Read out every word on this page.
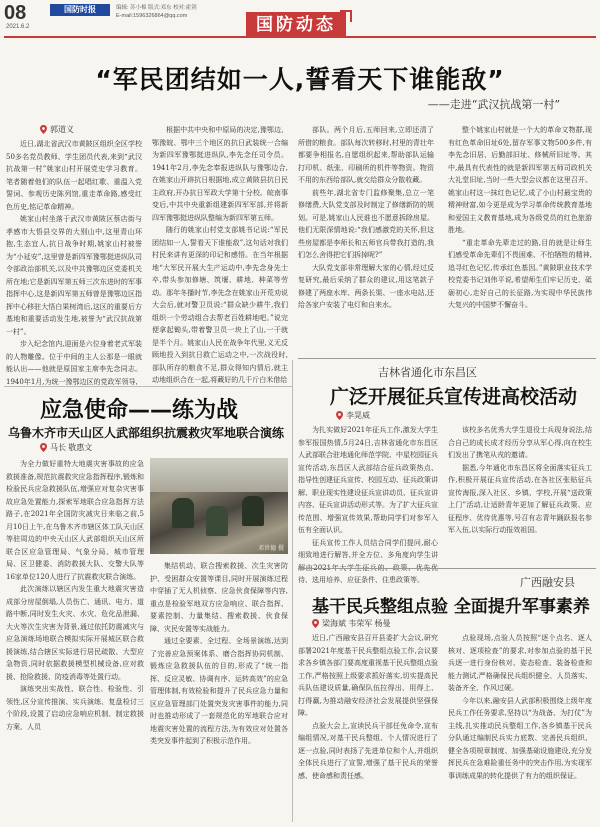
08
2021.6.2
国防时报	编辑: 苏小棉 版式:邓东 校对:霍剑
E-mail:1596326864@qq.com	国防动态
“军民团结如一人,誓看天下谁能敌”
——走进“武汉抗战第一村”
郭道义

近日,湖北省武汉市黄陂区组织全区学校50多名党员教师、学生团员代表,来到“武汉抗战第一村”姚家山村开展党史学习教育。笔者随着他们的队伍一起唱红歌、重温入党誓词、参观历史陈列馆,重走革命路,感受红色历史,铭记革命精神。

姚家山村坐落于武汉市黄陂区蔡店街与孝感市大悟县交界的大别山中,这里青山环抱,生态宜人,抗日战争时期,姚家山村被誉为“小延安”,这里曾是新四军豫鄂挺进纵队司令部政治部机关,以及中共豫鄂边区党委机关所在地;它是新四军第五师三次东进时的军事指挥中心,这是新四军第五师曾是豫鄂边区指挥中心移驻大悟白果树湾后,这区的重要后方基地和重要活动发生地,被誉为“武汉抗战第一村”。

步入纪念馆内,迎面是六位身着老式军装的人物雕像。位于中间的主人公那是一眼就能认出——他就是原国家主席李先念同志。1940年1月,为统一豫鄂边区的党政军领导,

根据中共中央和中原局的决定,豫鄂边、鄂豫皖、鄂中三个地区的抗日武装统一合编为新四军豫鄂挺进纵队,李先念任司令员。1941年2月,李先念奉报进纵队与豫鄂边合,在姚家山开辟抗日根据地,成立黄陂县抗日民主政府,开办抗日军政大学第十分校。皖南事变后,中共中央重新组建新四军军部,并将新四军豫鄂挺进纵队整编为新四军第五师。

随行的姚家山村党支部姚书记说:“军民团结如一人,誓看天下谁能敌”,这句话对我们村民来讲有更深的印记和感悟。在当年根据地“大军民开展大生产运动中,李先念身先士卒,带头参加修塘、筑堰、耕地、种菜等劳动。那年冬播时节,李先念在姚家山开荒劝说大会后,就对警卫员说:“群众缺少耕牛,我们组织一个劳动组合去帮老百姓耕地吧。”说完便拿起锄头,带着警卫员一块上了山,一干就是半个月。姚家山人民在战争年代里,义无反顾地投入到抗日救亡运动之中,一次战役时,部队所存的粮食不足,群众得知内情后,就主动地组织合在一起,将藏好的几千斤白米借给

部队。两个月后,五师回来,立即还清了所借的粮食。部队每次转移时,村里的青壮年都要争相报名,自愿组织起来,帮助部队运输打印机、纸张、印刷所的机件等物资。物资不用的东西给部队,就交给群众分散收藏。

前些年,湖北省专门监修聚集,总立一笔修缮费,大队党支部及时制定了修缮新防的规划。可是,姚家山人民谁也不愿意拆除房屋。他们无限深情地说:“我们感激党的关怀,但这些房屋都是李师长和五师官兵带我打造的,我们怎么舍得把它们拆掉呢?”

大队党支部非常理解大家的心情,经过反复研究,最后采纳了群众的建议,用这笔款子修建了两座水库、两条长渠、一座水电站,还给各家户安装了电灯和自来水。

整个姚家山村就是一个大的革命文物群,现有红色革命旧址6处,留存军事文物500多件,有李先念旧居、后勤部旧址、修械所旧址等。其中,最具有代表性的就是新四军第五师司政机关大礼堂旧址,当时一些大型会议都在这里召开。姚家山村这一抹红色记忆,成了小山村最宝贵的精神财富,如今更是成为学习革命传统教育基地和爱国主义教育基地,成为各级党员的红色旅游胜地。

“重走革命先辈走过的路,目的就是让师生们感受革命先辈们不畏困难、不怕牺牲的精神,追寻红色记忆,传承红色基因。”黄陂职业技术学校党委书记刘伟平说,希望师生们牢记历史、砥砺初心,走好自己的长征路,为实现中华民族伟大复兴的中国梦不懈奋斗。

应急使命——练为战
乌鲁木齐市天山区人武部组织抗震救灾军地联合演练
马长 敬惠文

为全力做好重特大地震灾害事故的应急救援准备,规范抗震救灾应急指挥程序,锻炼和检验民兵应急救援队伍,增强应对复杂灾害事故应急处置能力,探索军地联合应急指挥方法路子,在2021年全国防灾减灾日来临之前,5月10日上午,在乌鲁木齐市辖区体工队天山区等驻周边的中央天山区人武部组织天山区所联合区应急管理局、气象分局、城市管理局、区卫健委、消防救援大队、交警大队等16家单位120人进行了抗震救灾联合演练。

此次演练以辖区内发生重大地震灾害造成部分房屋倒塌,人员伤亡、通讯、电力、道路中断,同时发生火灾、水灾、危化品泄漏、大火等次生灾害为背景,通过依托防震减灾与应急演练场地联合模拟实际开展城区联合救援演练,结合辖区实际进行居民疏散、大型应急物资,同时依据救援模型机械设备,应对救援、抢险救援、防疫消毒等处置行动。

演练突出实战性、联合性、检验性、引领性,区分宣传推演、实兵演练、复盘检讨三个阶段,设置了启动应急响应机制、制定救援方案、人员

邓世德 摄

集结机动、联合搜索救援、次生灾害防护、受困群众安置等课目,同时开展演练过程中穿插了无人机侦察、应急伙食保障等内容,重点是检验军地双方应急响应、联合指挥、要素控制、力量集结、搜索救援、伙食保障、灾民安置等实战能力。

通过全要素、全过程、全场景演练,达到了完善应急预案体系、磨合指挥协同机制、锻炼应急救援队伍的目的,形成了“统一指挥、反应灵敏、协调有序、运转高效”的应急管理体制,有效检验和提升了民兵应急力量和区应急管理部门处置突发灾害事件的能力,同时也推动形成了一套规范化的军地联合应对地震灾害处置的流程方法,为有效应对处置各类突发事件起到了积极示范作用。

吉林省通化市东昌区
广泛开展征兵宣传进高校活动
李晃威

为扎实做好2021年征兵工作,激发大学生参军报国热情,5月24日,吉林省通化市东昌区人武部联合驻地通化师范学院、中星校园征兵宣传活动,东昌区人武部结合征兵政策热点、指导性创建征兵宣传、校园互动、征兵政策讲解、职业现实性建设征兵宣讲动员、征兵宣讲内容、征兵宣讲活动形式等。为了扩大征兵宣传范围、增强宣传效果,帮助同学们对参军入伍有全面认识。

征兵宣传工作人员结合同学们提问,耐心细致地进行解答,并全方位、多角度向学生讲 待、选用培养、应征条件、住患政策等。

该校多名优秀大学生退役士兵现身说法,结合自己的成长成才经历分享从军心得,向在校生们发出了携笔从戎的邀请。

据悉,今年通化市东昌区将全面落实征兵工作,积极开展征兵宣传活动,在各社区张贴征兵宣传海报,深入社区、乡镇、学校,开展“送政策上门”活动,让适龄青年更加了解征兵政策、应征程序、优待优惠等,号召有志青年踊跃报名参军入伍,以实际行动报效祖国。

广西融安县
基干民兵整组点验 全面提升军事素养
梁海斌 韦荣军 杨曼

近日,广西融安县召开县委扩大会议,研究部署2021年度基干民兵整组点验工作,会议要求各乡镇各部门要高度重视基干民兵整组点验工作,严格按照上级要求抓好落实,切实提高民兵队伍建设质量,确保队伍拉得出、用得上、打得赢,为推动融安经济社会发展提供坚强保障。

点验大会上,宣读民兵干部任免命令,宣布编组情况,对基干民兵整组、个人情况进行了逐一点验,同时表扬了先进单位和个人,并组织全体民兵进行了宣誓,增强了基干民兵的荣誉感、使命感和责任感。

点验现场,点验人员按照“逐个点名、逐人核对、逐项检查”的要求,对参加点验的基干民兵逐一进行身份核对、姿态检查、装备检查和能力测试,严格确保民兵组织健全、人员落实、装备齐全、作风过硬。

今年以来,融安县人武部积极围绕上级年度民兵工作任务要求,坚持以“为战备、为打仗”为主线,扎实推动民兵整组工作,各乡镇基干民兵分队通过编制民兵实力底数、完善民兵组织、健全各项规章制度、加强基础设施建设,充分发挥民兵在急难险重任务中的突击作用,为实现军事训练成果的转化提供了有力的组织保证。
